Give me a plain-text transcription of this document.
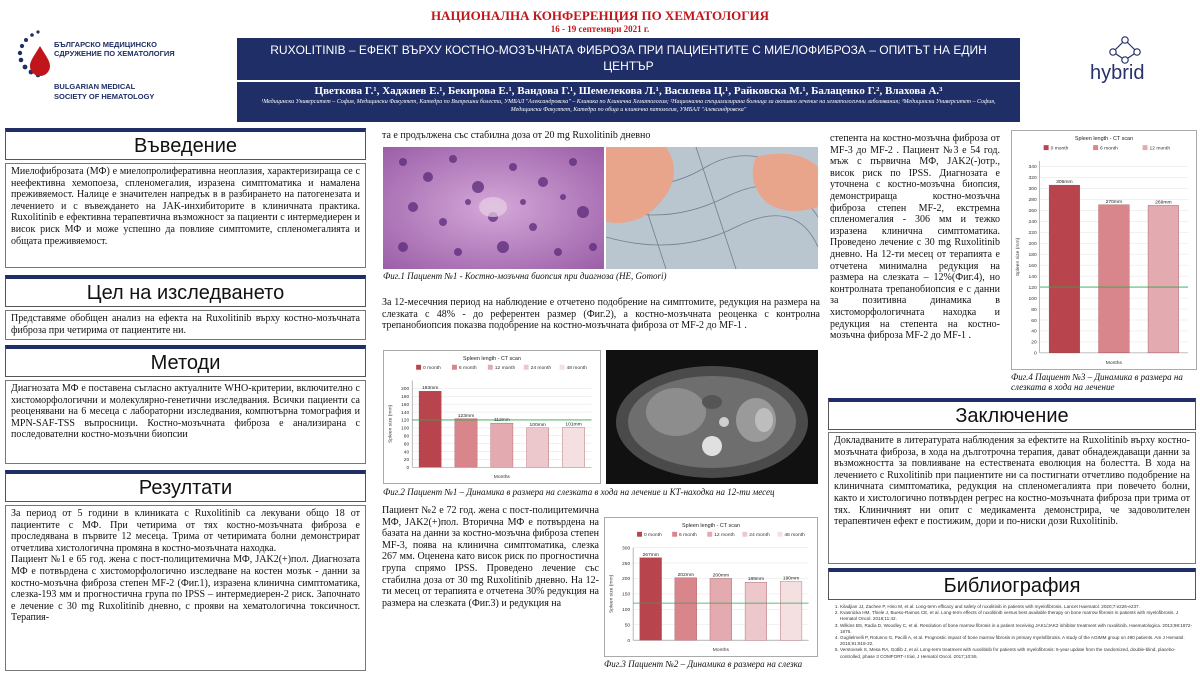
НАЦИОНАЛНА КОНФЕРЕНЦИЯ ПО ХЕМАТОЛОГИЯ
16 - 19 септември 2021 г.
RUXOLITINIB – ЕФЕКТ ВЪРХУ КОСТНО-МОЗЪЧНАТА ФИБРОЗА ПРИ ПАЦИЕНТИТЕ С МИЕЛОФИБРОЗА – ОПИТЪТ НА ЕДИН ЦЕНТЪР
Цветкова Г.¹, Хаджиев Е.¹, Бекирова Е.¹, Вандова Г.¹, Шемелекова Л.¹, Василева Ц.¹, Райковска М.¹, Балаценко Г.², Влахова А.³
¹Медицински Университет – София, Медицински Факултет, Катедра по Вътрешни болести, УМБАЛ "Александровска" – Клиника по Клинична Хематология; ²Национална специализирана болница за активно лечение на хематологични заболявания; ³Медицински Университет – София, Медицински Факултет, Катедра по обща и клинична патология, УМБАЛ "Александровска"
БЪЛГАРСКО МЕДИЦИНСКО
СДРУЖЕНИЕ ПО ХЕМАТОЛОГИЯ
BULGARIAN MEDICAL
SOCIETY OF HEMATOLOGY
hybrid
Въведение
Миелофиброзата (МФ) е миелопролиферативна неоплазия, характеризираща се с неефективна хемопоеза, спленомегалия, изразена симптоматика и намалена преживяемост. Налице е значителен напредък в в разбирането на патогенезата и лечението и с въвеждането на JAK-инхибиторите в клиничната практика. Ruxolitinib е ефективна терапевтична възможност за пациенти с интермедиерен и висок риск МФ и може успешно да повлияе симптомите, спленомегалията и общата преживяемост.
Цел на изследването
Представяме обобщен анализ на ефекта на Ruxolitinib върху костно-мозъчната фиброза при четирима от пациентите ни.
Методи
Диагнозата МФ е поставена съгласно актуалните WHO-критерии, включително с хистоморфологични и молекулярно-генетични изследвания. Всички пациенти са реоценявани на 6 месеца с лабораторни изследвания, компютърна томография и MPN-SAF-TSS въпросници. Костно-мозъчната фиброза е анализирана с последователни костно-мозъчни биопсии
Резултати
За период от 5 години в клиниката с Ruxolitinib са лекувани общо 18 от пациентите с МФ. При четирима от тях костно-мозъчната фиброза е проследявана в първите 12 месеца. Трима от четиримата болни демонстрират отчетлива хистологична промяна в костно-мозъчната находка.
Пациент №1 е 65 год. жена с пост-полицитемична МФ, JAK2(+)пол. Диагнозата МФ е потвърдена с хистоморфологично изследване на костен мозък - данни за костно-мозъчна фиброза степен MF-2 (Фиг.1), изразена клинична симптоматика, слезка-193 мм и прогностична група по IPSS – интермедиерен-2 риск. Започнато е лечение с 30 mg Ruxolitinib дневно, с прояви на хематологична токсичност. Терапия-
та е продължена със стабилна доза от 20 mg Ruxolitinib дневно
Фиг.1 Пациент №1 - Костно-мозъчна биопсия при диагноза (HE, Gomori)
За 12-месечния период на наблюдение е отчетено подобрение на симптомите, редукция на размера на слезката с 48% - до референтен размер (Фиг.2), а костно-мозъчната реоценка с контролна трепанобиопсия показва подобрение на костно-мозъчната фиброза от MF-2 до MF-1 .
Spleen length - CT scan
0 month	6 month	12 month	24 month	48 month
0
20
40
60
80
100
120
140
160
180
200	193mm
123mm
112mm
100mm	101mm
Months
Spleen size (mm)
Фиг.2 Пациент №1 – Динамика в размера на слезката в хода на лечение и КТ-находка на 12-ти месец
Пациент №2 е 72 год. жена с пост-полицитемична МФ, JAK2(+)пол. Вторична МФ е потвърдена на базата на данни за костно-мозъчна фиброза степен MF-3, поява на клинична симптоматика, слезка 267 мм. Оценена като висок риск по прогностична група спрямо IPSS. Проведено лечение със стабилна доза от 30 mg Ruxolitinib дневно. На 12-ти месец от терапията е отчетена 30% редукция на размера на слезката (Фиг.3) и редукция на
Spleen length - CT scan
0 month	6 month	12 month	24 month	48 month
0
50
100
150
200
250
300
267mm
202mm	200mm
188mm	190mm
Months
Spleen size (mm)
Фиг.3 Пациент №2 – Динамика в размера на слезка
степента на костно-мозъчна фиброза от MF-3 до MF-2 . Пациент №3 е 54 год. мъж с първична МФ, JAK2(-)отр., висок риск по IPSS. Диагнозата е уточнена с костно-мозъчна биопсия, демонстрираща костно-мозъчна фиброза степен MF-2, екстремна спленомегалия - 306 мм и тежко изразена клинична симптоматика. Проведено лечение с 30 mg Ruxolitinib дневно. На 12-ти месец от терапията е отчетена минимална редукция на размера на слезката – 12%(Фиг.4), но контролната трепанобиопсия е с данни за позитивна динамика в хистоморфологичната находка и редукция на степента на костно-мозъчна фиброза MF-2 до MF-1 .
Spleen length - CT scan
0 month	6 month	12 month
0
20
40
60
80
100
120
140
160
180
200
220
240
260
280
300
320
340
306mm
270mm	269mm
Months
Spleen size (mm)
Фиг.4 Пациент №3 – Динамика в размера на слезката в хода на лечение
Заключение
Докладваните в литературата наблюдения за ефектите на Ruxolitinib върху костно-мозъчната фиброза, в хода на дълготрочна терапия, дават обнадеждаващи данни за възможността за повлияване на естествената еволюция на болестта. В хода на лечението с Ruxolitinib при пациентите ни са постигнати отчетливо подобрение на клиничната симптоматика, редукция на спленомегалията при повечето болни, както и хистологично потвърден регрес на костно-мозъчната фиброза при трима от тях. Клиничният ни опит с медикамента демонстрира, че задоволителен терапевтичен ефект е постижим, дори и по-ниски дози Ruxolitinib.
Библиография
1. Kiladjian JJ, Zachee P, Hino M, et al. Long-term efficacy and safety of ruxolitinib in patients with myelofibrosis. Lancet Haematol. 2020;7:e226-e237.
2. Kvasnicka HM, Thiele J, Bueso-Ramos CE, et al. Long-term effects of ruxolitinib versus best available therapy on bone marrow fibrosis in patients with myelofibrosis. J Hematol Oncol. 2018;11:42.
3. Wilkins BS, Radia D, Woodley C, et al. Resolution of bone marrow fibrosis in a patient receiving JAK1/JAK2 inhibitor treatment with ruxolitinib. Haematologica. 2013;98:1872-1876.
4. Guglielmelli P, Rotunno G, Pacilli A, et al. Prognostic impact of bone marrow fibrosis in primary myelofibrosis. A study of the AGIMM group on 490 patients. Am J Hematol. 2016;91:918-22.
5. Verstovsek S, Mesa RA, Gotlib J, et al. Long-term treatment with ruxolitinib for patients with myelofibrosis: 5-year update from the randomized, double-blind, placebo-controlled, phase 3 COMFORT-I trial. J Hematol Oncol. 2017;10:55.
